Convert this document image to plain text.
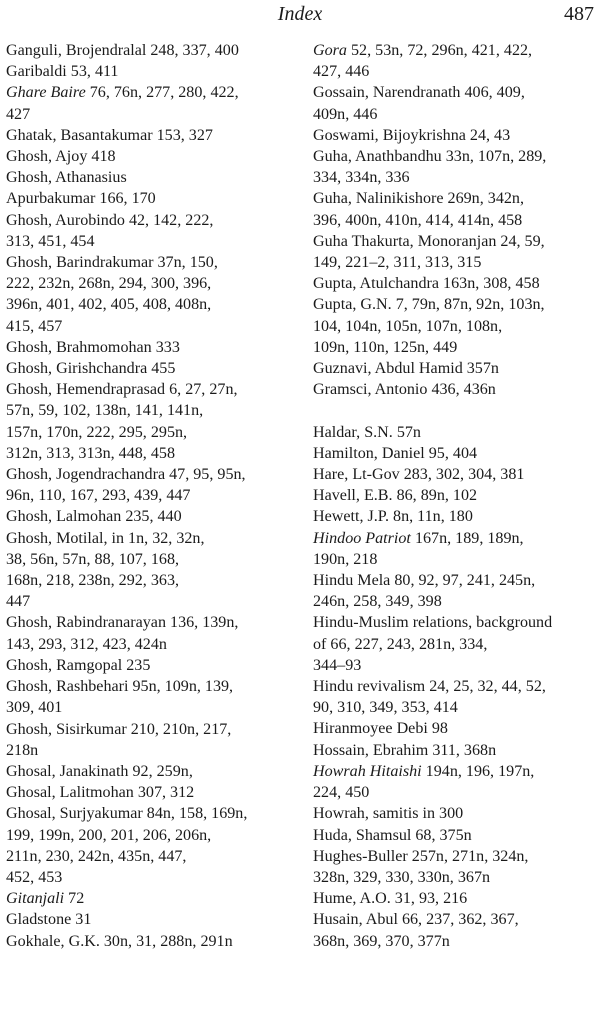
Index	487
Ganguli, Brojendralal 248, 337, 400
Garibaldi 53, 411
Ghare Baire 76, 76n, 277, 280, 422,
427
Ghatak, Basantakumar 153, 327
Ghosh, Ajoy 418
Ghosh, Athanasius
Apurbakumar 166, 170
Ghosh, Aurobindo 42, 142, 222,
313, 451, 454
Ghosh, Barindrakumar 37n, 150,
222, 232n, 268n, 294, 300, 396,
396n, 401, 402, 405, 408, 408n,
415, 457
Ghosh, Brahmomohan 333
Ghosh, Girishchandra 455
Ghosh, Hemendraprasad 6, 27, 27n,
57n, 59, 102, 138n, 141, 141n,
157n, 170n, 222, 295, 295n,
312n, 313, 313n, 448, 458
Ghosh, Jogendrachandra 47, 95, 95n,
96n, 110, 167, 293, 439, 447
Ghosh, Lalmohan 235, 440
Ghosh, Motilal, in 1n, 32, 32n,
38, 56n, 57n, 88, 107, 168,
168n, 218, 238n, 292, 363,
447
Ghosh, Rabindranarayan 136, 139n,
143, 293, 312, 423, 424n
Ghosh, Ramgopal 235
Ghosh, Rashbehari 95n, 109n, 139,
309, 401
Ghosh, Sisirkumar 210, 210n, 217,
218n
Ghosal, Janakinath 92, 259n,
Ghosal, Lalitmohan 307, 312
Ghosal, Surjyakumar 84n, 158, 169n,
199, 199n, 200, 201, 206, 206n,
211n, 230, 242n, 435n, 447,
452, 453
Gitanjali 72
Gladstone 31
Gokhale, G.K. 30n, 31, 288n, 291n
Gora 52, 53n, 72, 296n, 421, 422,
427, 446
Gossain, Narendranath 406, 409,
409n, 446
Goswami, Bijoykrishna 24, 43
Guha, Anathbandhu 33n, 107n, 289,
334, 334n, 336
Guha, Nalinikishore 269n, 342n,
396, 400n, 410n, 414, 414n, 458
Guha Thakurta, Monoranjan 24, 59,
149, 221–2, 311, 313, 315
Gupta, Atulchandra 163n, 308, 458
Gupta, G.N. 7, 79n, 87n, 92n, 103n,
104, 104n, 105n, 107n, 108n,
109n, 110n, 125n, 449
Guznavi, Abdul Hamid 357n
Gramsci, Antonio 436, 436n
Haldar, S.N. 57n
Hamilton, Daniel 95, 404
Hare, Lt-Gov 283, 302, 304, 381
Havell, E.B. 86, 89n, 102
Hewett, J.P. 8n, 11n, 180
Hindoo Patriot 167n, 189, 189n,
190n, 218
Hindu Mela 80, 92, 97, 241, 245n,
246n, 258, 349, 398
Hindu-Muslim relations, background
of 66, 227, 243, 281n, 334,
344–93
Hindu revivalism 24, 25, 32, 44, 52,
90, 310, 349, 353, 414
Hiranmoyee Debi 98
Hossain, Ebrahim 311, 368n
Howrah Hitaishi 194n, 196, 197n,
224, 450
Howrah, samitis in 300
Huda, Shamsul 68, 375n
Hughes-Buller 257n, 271n, 324n,
328n, 329, 330, 330n, 367n
Hume, A.O. 31, 93, 216
Husain, Abul 66, 237, 362, 367,
368n, 369, 370, 377n
